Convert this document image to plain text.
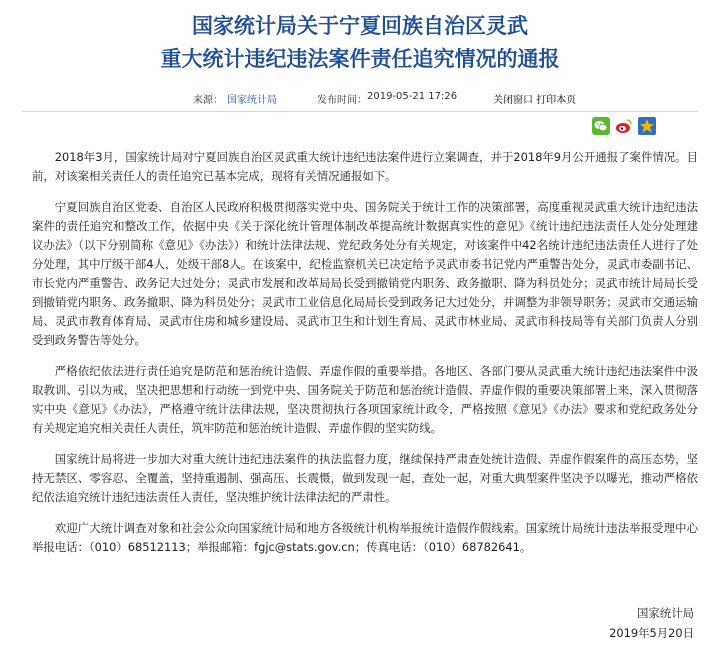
国家统计局关于宁夏回族自治区灵武
重大统计违纪违法案件责任追究情况的通报
来源： 国家统计局	发布时间： 2019-05-21 17:26	关闭窗口 打印本页

2018年3月，国家统计局对宁夏回族自治区灵武重大统计违纪违法案件进行立案调查，并于2018年9月公开通报了案件情况。目前，对该案相关责任人的责任追究已基本完成，现将有关情况通报如下。

宁夏回族自治区党委、自治区人民政府积极贯彻落实党中央、国务院关于统计工作的决策部署，高度重视灵武重大统计违纪违法案件的责任追究和整改工作，依据中央《关于深化统计管理体制改革提高统计数据真实性的意见》《统计违纪违法责任人处分处理建议办法》（以下分别简称《意见》《办法》）和统计法律法规、党纪政务处分有关规定，对该案件中42名统计违纪违法责任人进行了处分处理，其中厅级干部4人，处级干部8人。在该案中，纪检监察机关已决定给予灵武市委书记党内严重警告处分，灵武市委副书记、市长党内严重警告、政务记大过处分；灵武市发展和改革局局长受到撤销党内职务、政务撤职、降为科员处分；灵武市统计局局长受到撤销党内职务、政务撤职、降为科员处分；灵武市工业信息化局局长受到政务记大过处分，并调整为非领导职务；灵武市交通运输局、灵武市教育体育局、灵武市住房和城乡建设局、灵武市卫生和计划生育局、灵武市林业局、灵武市科技局等有关部门负责人分别受到政务警告等处分。

严格依纪依法进行责任追究是防范和惩治统计造假、弄虚作假的重要举措。各地区、各部门要从灵武重大统计违纪违法案件中汲取教训、引以为戒，坚决把思想和行动统一到党中央、国务院关于防范和惩治统计造假、弄虚作假的重要决策部署上来，深入贯彻落实中央《意见》《办法》，严格遵守统计法律法规，坚决贯彻执行各项国家统计政令，严格按照《意见》《办法》要求和党纪政务处分有关规定追究相关责任人责任，筑牢防范和惩治统计造假、弄虚作假的坚实防线。

国家统计局将进一步加大对重大统计违纪违法案件的执法监督力度，继续保持严肃查处统计造假、弄虚作假案件的高压态势，坚持无禁区、零容忍、全覆盖，坚持重遏制、强高压、长震慑，做到发现一起，查处一起，对重大典型案件坚决予以曝光，推动严格依纪依法追究统计违纪违法责任人责任，坚决维护统计法律法纪的严肃性。

欢迎广大统计调查对象和社会公众向国家统计局和地方各级统计机构举报统计造假作假线索。国家统计局统计违法举报受理中心举报电话：（010）68512113；举报邮箱：fgjc@stats.gov.cn；传真电话：（010）68782641。

国家统计局
2019年5月20日
